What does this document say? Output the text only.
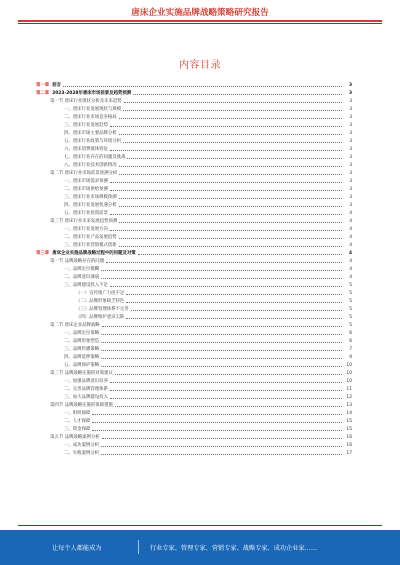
唐床企业实施品牌战略策略研究报告
内容目录
第一章 前言	3
第二章 2023-2028年唐床市场前景及趋势预测	3
第一节 唐床行业现状分析及未来趋势	3
一、唐床行业发展现状与规模	3
二、唐床行业市场竞争格局	3
三、唐床行业发展趋势	3
四、唐床市场主要品牌分析	3
五、唐床行业政策与环境分析	3
六、唐床消费群体特征	3
七、唐床行业存在的问题及挑战	3
八、唐床行业技术创新情况	3
第二节 唐床行业市场前景预测分析	3
一、唐床市场需求预测	3
二、唐床市场供给预测	3
三、唐床行业市场规模预测	3
四、唐床行业发展机遇分析	3
五、唐床行业投资前景	4
第三节 唐床行业未来发展趋势预测	4
一、唐床行业发展方向	4
二、唐床行业产品发展趋势	4
三、唐床行业营销模式创新	4
第三章 唐床企业实施品牌战略过程中的问题及对策	4
第一节 品牌战略存在的问题	4
一、品牌定位模糊	4
二、品牌意识薄弱	4
三、品牌建设投入不足	5
（一）宣传推广力度不足	5
（二）品牌形象缺乏特色	5
（三）品牌管理体系不完善	5
（四）品牌维护意识欠缺	5
第二节 唐床企业品牌战略	5
一、品牌定位策略	6
二、品牌形象塑造	6
三、品牌传播策略	7
四、品牌延伸策略	9
五、品牌保护策略	10
第三节 品牌战略实施的对策建议	10
一、加强品牌意识培养	10
二、完善品牌管理体系	11
三、加大品牌建设投入	12
第四节 品牌战略实施的保障措施	13
一、组织保障	14
二、人才保障	15
三、资金保障	15
第五节 品牌战略案例分析	16
一、成功案例分析	16
二、失败案例分析	17
让每个人都能成为	行业专家、管理专家、营销专家、战略专家、成功企业家……
